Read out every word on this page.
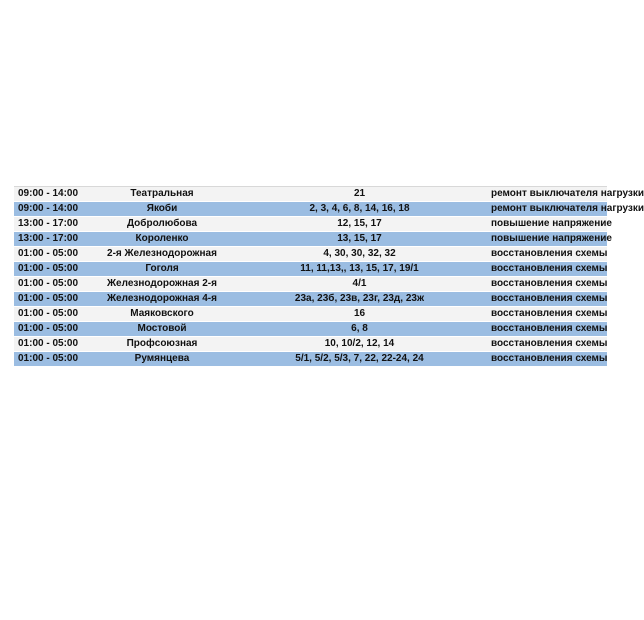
09:00 - 14:00	Театральная	21	ремонт выключателя нагрузки
09:00 - 14:00	Якоби	2, 3, 4, 6, 8, 14, 16, 18	ремонт выключателя нагрузки
13:00 - 17:00	Добролюбова	12, 15, 17	повышение напряжение
13:00 - 17:00	Короленко	13, 15, 17	повышение напряжение
01:00 - 05:00	2-я Железнодорожная	4, 30, 30, 32, 32	восстановления схемы
01:00 - 05:00	Гоголя	11, 11,13,, 13, 15, 17, 19/1	восстановления схемы
01:00 - 05:00	Железнодорожная 2-я	4/1	восстановления схемы
01:00 - 05:00	Железнодорожная 4-я	23а, 23б, 23в, 23г, 23д, 23ж	восстановления схемы
01:00 - 05:00	Маяковского	16	восстановления схемы
01:00 - 05:00	Мостовой	6, 8	восстановления схемы
01:00 - 05:00	Профсоюзная	10, 10/2, 12, 14	восстановления схемы
01:00 - 05:00	Румянцева	5/1, 5/2, 5/3, 7, 22, 22-24, 24	восстановления схемы
